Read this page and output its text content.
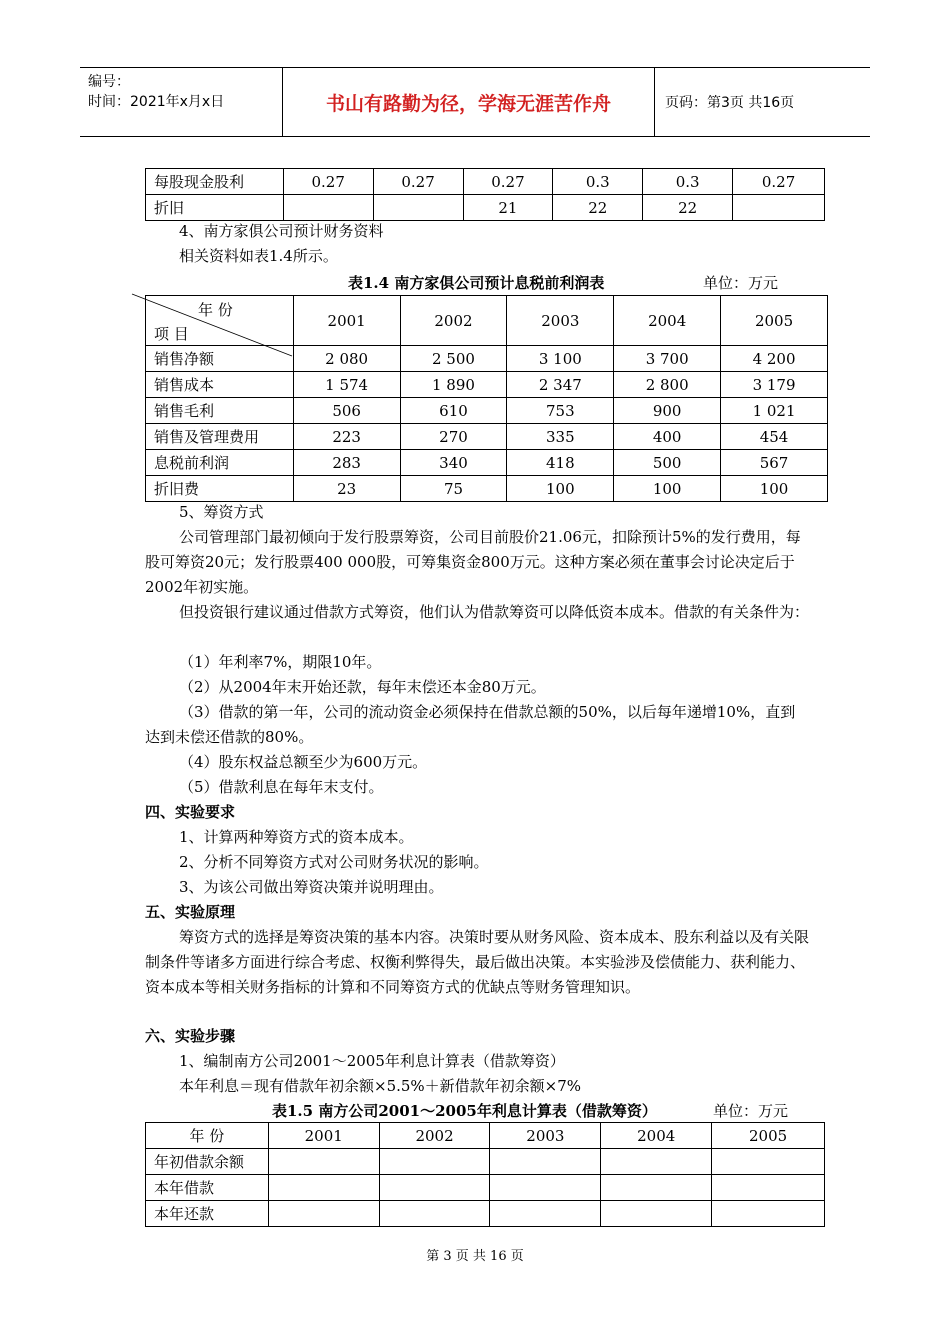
编号：
时间：2021年x月x日	书山有路勤为径，学海无涯苦作舟	页码：第3页 共16页
每股现金股利	0.27	0.27	0.27	0.3	0.3	0.27
折旧			21	22	22	
4、南方家俱公司预计财务资料
相关资料如表1.4所示。
表1.4 南方家俱公司预计息税前利润表	单位：万元
年 份
项 目	2001	2002	2003	2004	2005
销售净额	2 080	2 500	3 100	3 700	4 200
销售成本	1 574	1 890	2 347	2 800	3 179
销售毛利	506	610	753	900	1 021
销售及管理费用	223	270	335	400	454
息税前利润	283	340	418	500	567
折旧费	23	75	100	100	100
5、筹资方式
公司管理部门最初倾向于发行股票筹资，公司目前股价21.06元，扣除预计5%的发行费用，每股可筹资20元；发行股票400 000股，可筹集资金800万元。这种方案必须在董事会讨论决定后于2002年初实施。
但投资银行建议通过借款方式筹资，他们认为借款筹资可以降低资本成本。借款的有关条件为：
（1）年利率7%，期限10年。
（2）从2004年末开始还款，每年末偿还本金80万元。
（3）借款的第一年，公司的流动资金必须保持在借款总额的50%，以后每年递增10%，直到达到未偿还借款的80%。
（4）股东权益总额至少为600万元。
（5）借款利息在每年末支付。
四、实验要求
1、计算两种筹资方式的资本成本。
2、分析不同筹资方式对公司财务状况的影响。
3、为该公司做出筹资决策并说明理由。
五、实验原理
筹资方式的选择是筹资决策的基本内容。决策时要从财务风险、资本成本、股东利益以及有关限制条件等诸多方面进行综合考虑、权衡利弊得失，最后做出决策。本实验涉及偿债能力、获利能力、资本成本等相关财务指标的计算和不同筹资方式的优缺点等财务管理知识。
六、实验步骤
1、编制南方公司2001～2005年利息计算表（借款筹资）
本年利息＝现有借款年初余额×5.5%＋新借款年初余额×7%
表1.5 南方公司2001～2005年利息计算表（借款筹资）	单位：万元
年 份	2001	2002	2003	2004	2005
年初借款余额					
本年借款					
本年还款					
第 3 页 共 16 页
